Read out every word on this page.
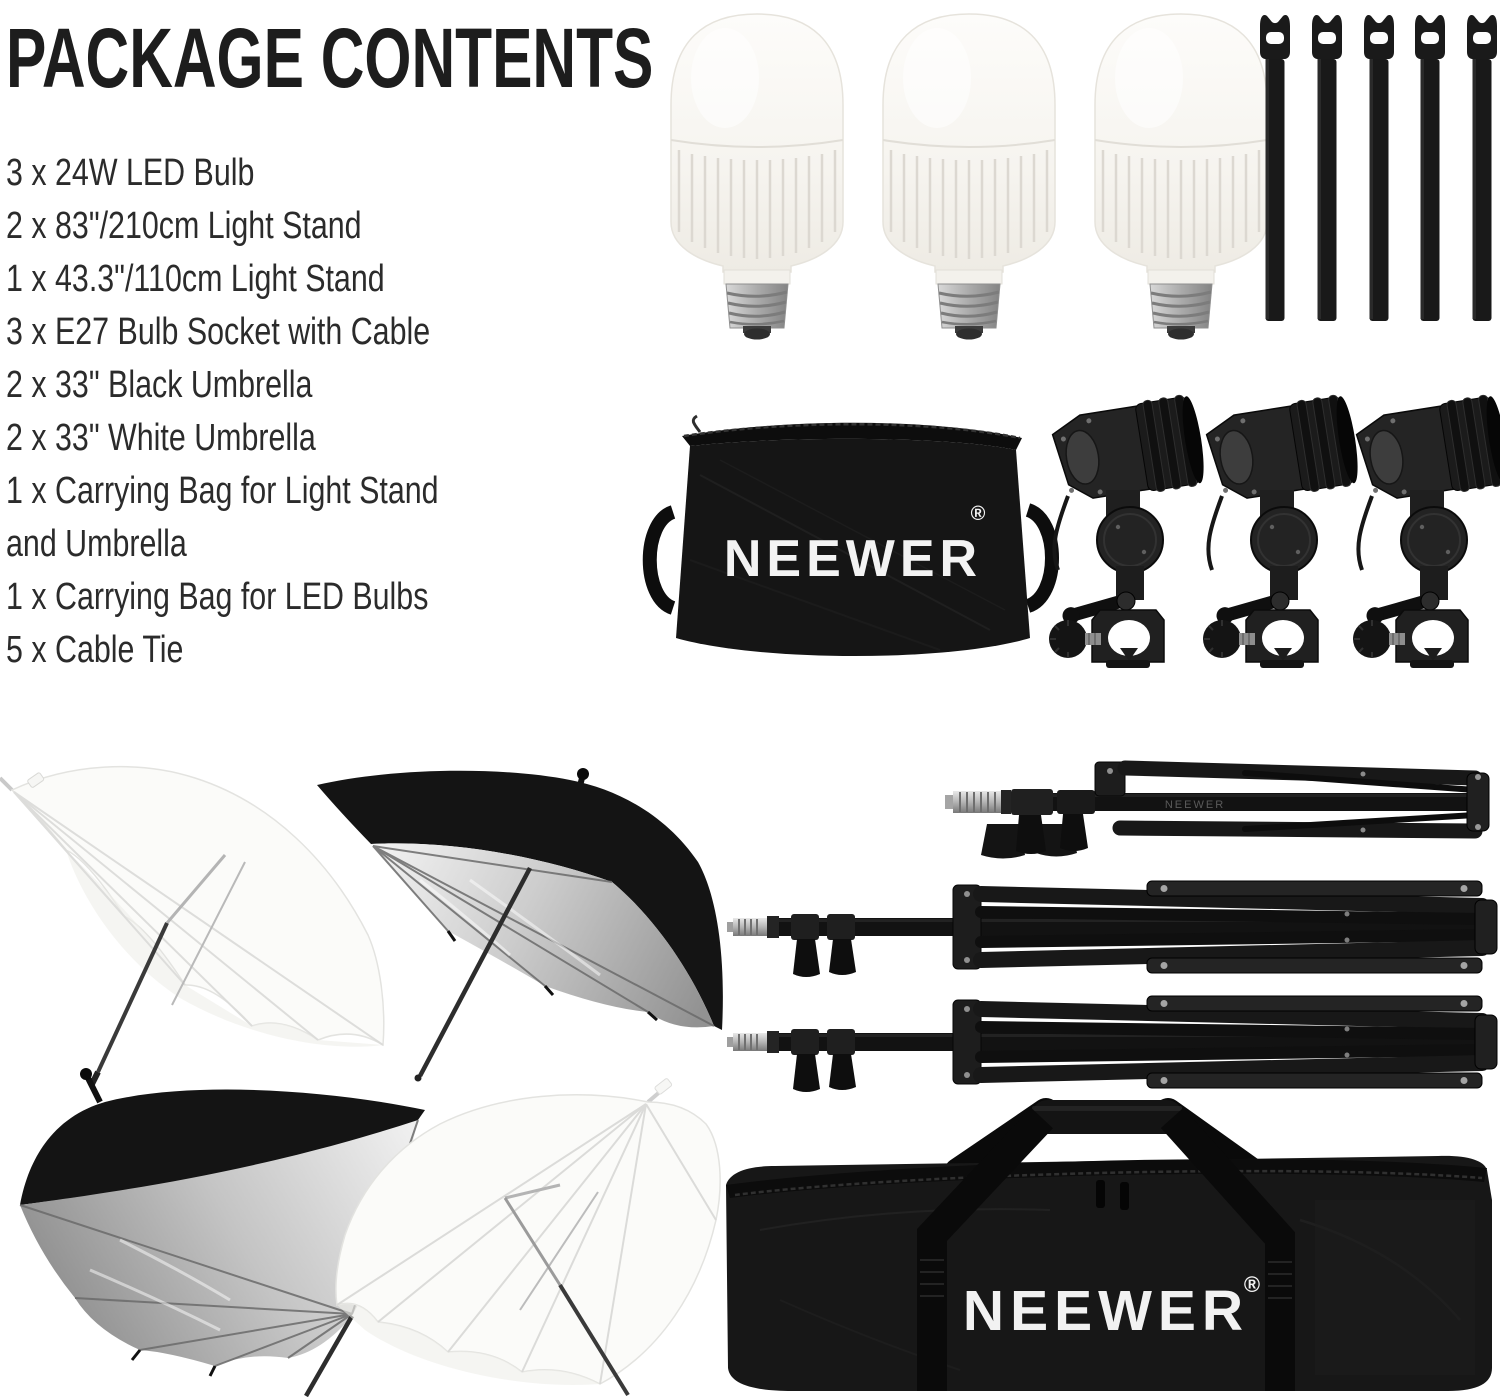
PACKAGE CONTENTS
3 x 24W LED Bulb
2 x 83"/210cm Light Stand
1 x 43.3"/110cm Light Stand
3 x E27 Bulb Socket with Cable
2 x 33" Black Umbrella
2 x 33" White Umbrella
1 x Carrying Bag for Light Stand and Umbrella
1 x Carrying Bag for LED Bulbs
5 x Cable Tie
NEEWER
®
NEEWER
NEEWER
®
